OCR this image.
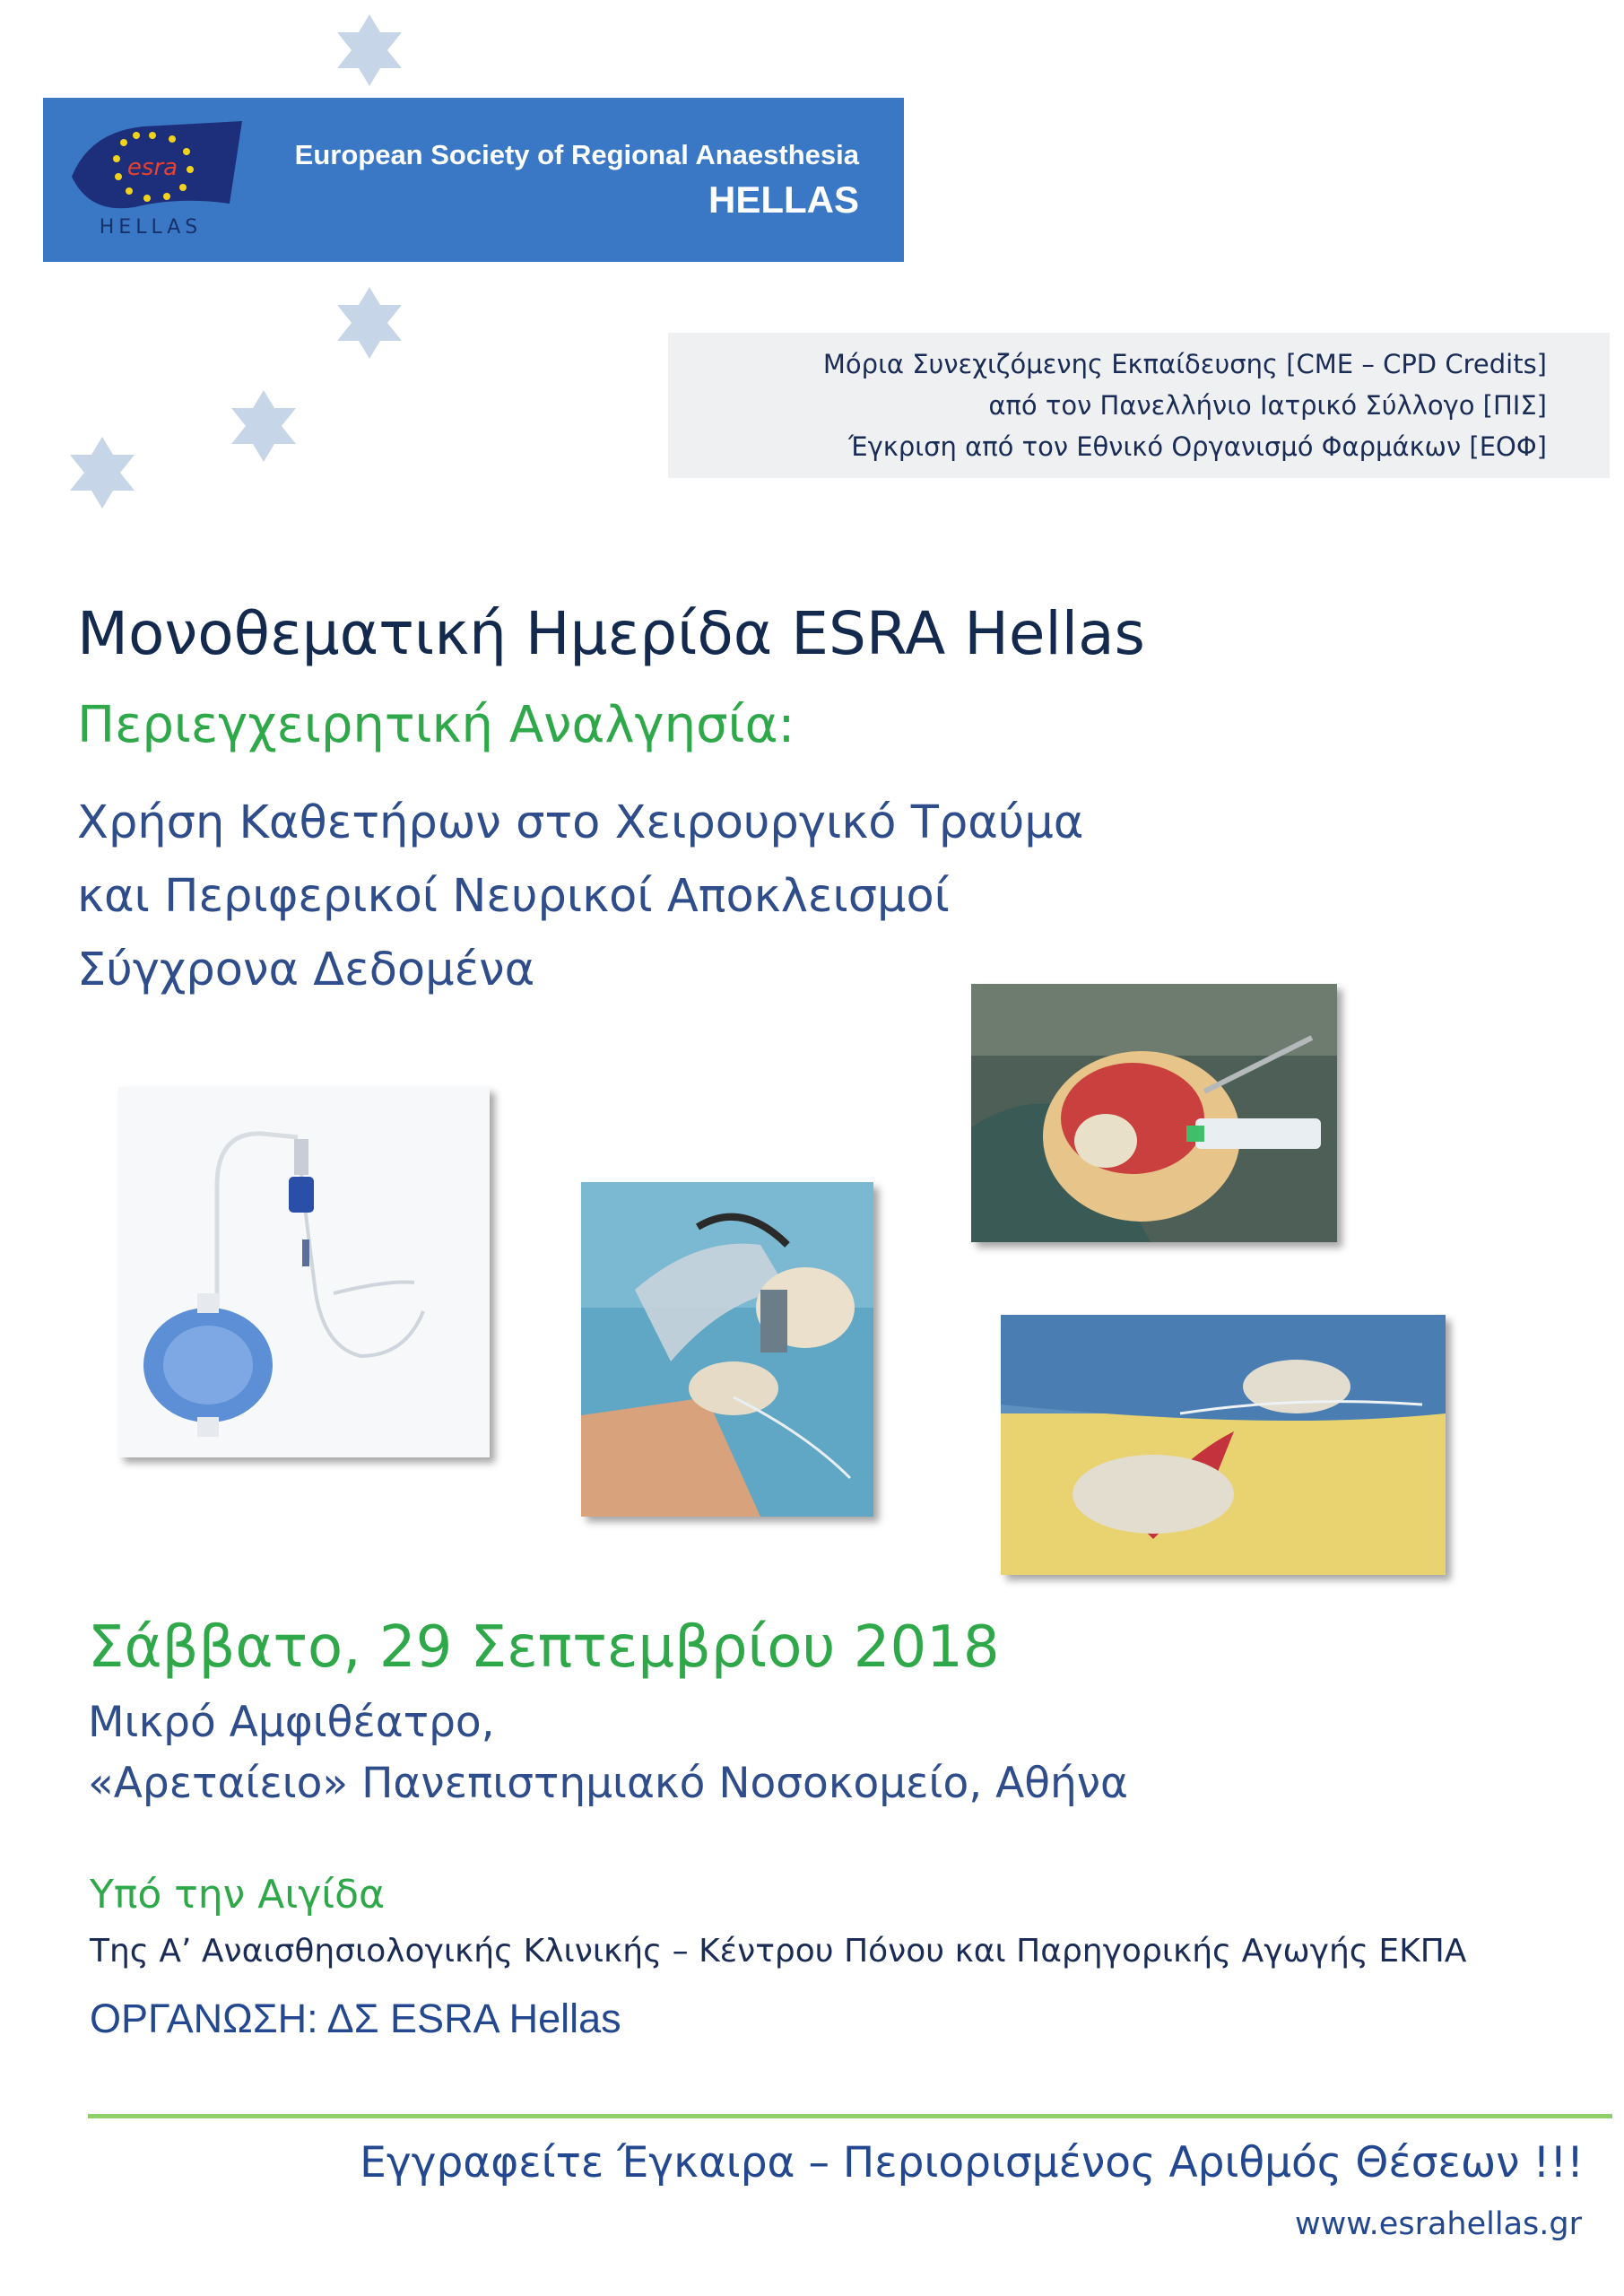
esra
HELLAS
European Society of Regional Anaesthesia
HELLAS
Μόρια Συνεχιζόμενης Εκπαίδευσης [CME – CPD Credits]
από τον Πανελλήνιο Ιατρικό Σύλλογο [ΠΙΣ]
Έγκριση από τον Εθνικό Οργανισμό Φαρμάκων [ΕΟΦ]
Μονοθεματική Ημερίδα ESRA Hellas
Περιεγχειρητική Αναλγησία:
Χρήση Καθετήρων στο Χειρουργικό Τραύμα
και Περιφερικοί Νευρικοί Αποκλεισμοί
Σύγχρονα Δεδομένα
Σάββατο, 29 Σεπτεμβρίου 2018
Μικρό Αμφιθέατρο,
«Αρεταίειο» Πανεπιστημιακό Νοσοκομείο, Αθήνα
Υπό την Αιγίδα
Της Α’ Αναισθησιολογικής Κλινικής – Κέντρου Πόνου και Παρηγορικής Αγωγής ΕΚΠΑ
ΟΡΓΑΝΩΣΗ: ΔΣ ESRA Hellas
Εγγραφείτε Έγκαιρα – Περιορισμένος Αριθμός Θέσεων !!!
www.esrahellas.gr
